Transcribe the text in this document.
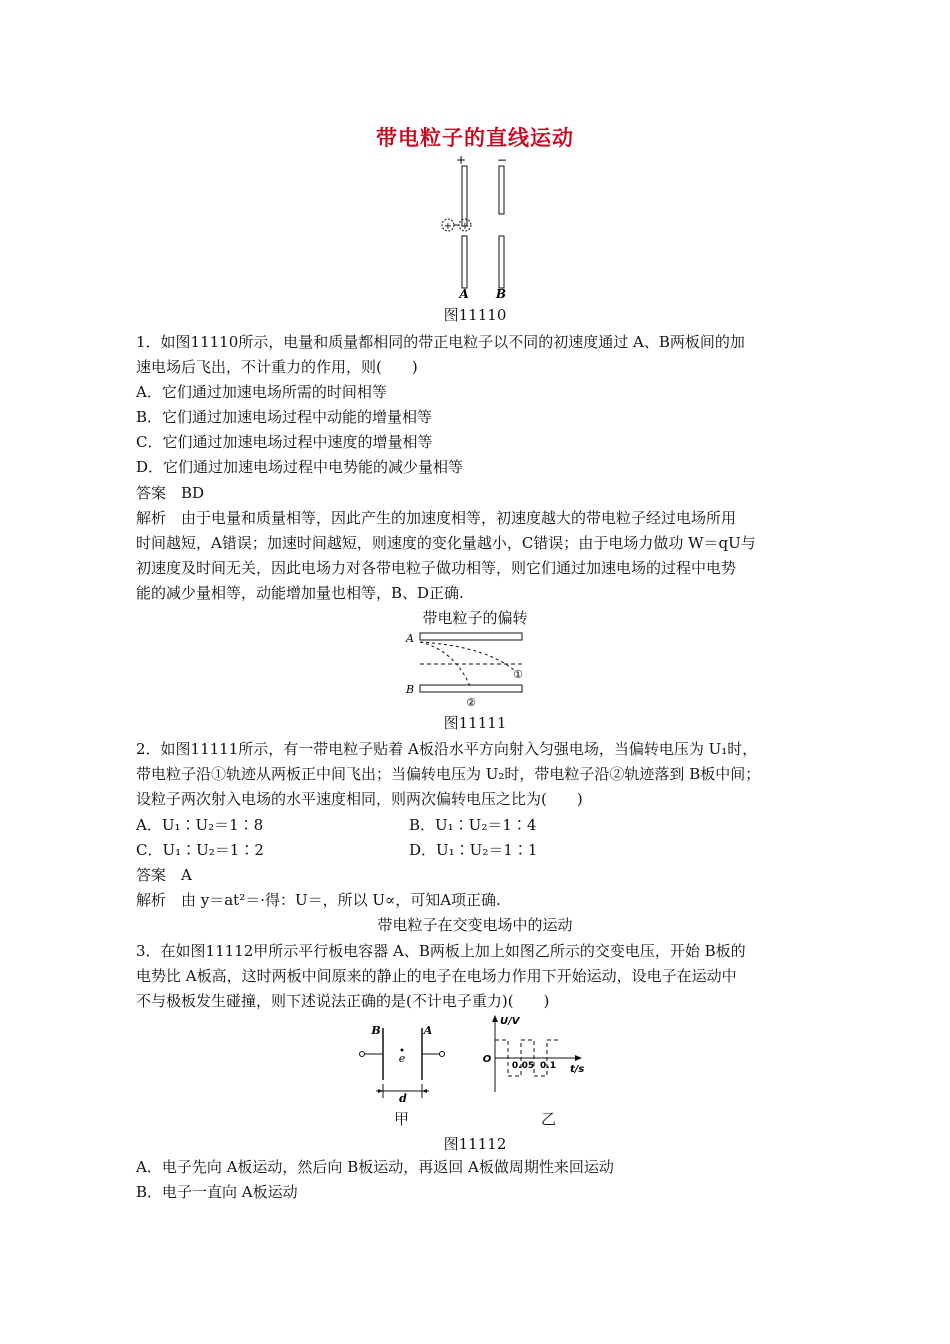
带电粒子的直线运动
+	−
+ +
A B
图11110
1．如图11110所示，电量和质量都相同的带正电粒子以不同的初速度通过 A、B两板间的加
速电场后飞出，不计重力的作用，则(　　)
A．它们通过加速电场所需的时间相等
B．它们通过加速电场过程中动能的增量相等
C．它们通过加速电场过程中速度的增量相等
D．它们通过加速电场过程中电势能的减少量相等
答案　BD
解析　由于电量和质量相等，因此产生的加速度相等，初速度越大的带电粒子经过电场所用
时间越短，A错误；加速时间越短，则速度的变化量越小，C错误；由于电场力做功 W＝qU与
初速度及时间无关，因此电场力对各带电粒子做功相等，则它们通过加速电场的过程中电势
能的减少量相等，动能增加量也相等，B、D正确.
带电粒子的偏转
A
①
B
②
图11111
2．如图11111所示，有一带电粒子贴着 A板沿水平方向射入匀强电场，当偏转电压为 U₁时，
带电粒子沿①轨迹从两板正中间飞出；当偏转电压为 U₂时，带电粒子沿②轨迹落到 B板中间；
设粒子两次射入电场的水平速度相同，则两次偏转电压之比为(　　)
A．U₁∶U₂＝1∶8	B．U₁∶U₂＝1∶4
C．U₁∶U₂＝1∶2	D．U₁∶U₂＝1∶1
答案　A
解析　由 y＝at²＝·得：U＝，所以 U∝，可知A项正确.
带电粒子在交变电场中的运动
3．在如图11112甲所示平行板电容器 A、B两板上加上如图乙所示的交变电压，开始 B板的
电势比 A板高，这时两板中间原来的静止的电子在电场力作用下开始运动，设电子在运动中
不与极板发生碰撞，则下述说法正确的是(不计电子重力)(　　)
B	A
e
d
U/V
t/s
O
0.05 0.1
甲	乙
图11112
A．电子先向 A板运动，然后向 B板运动，再返回 A板做周期性来回运动
B．电子一直向 A板运动
